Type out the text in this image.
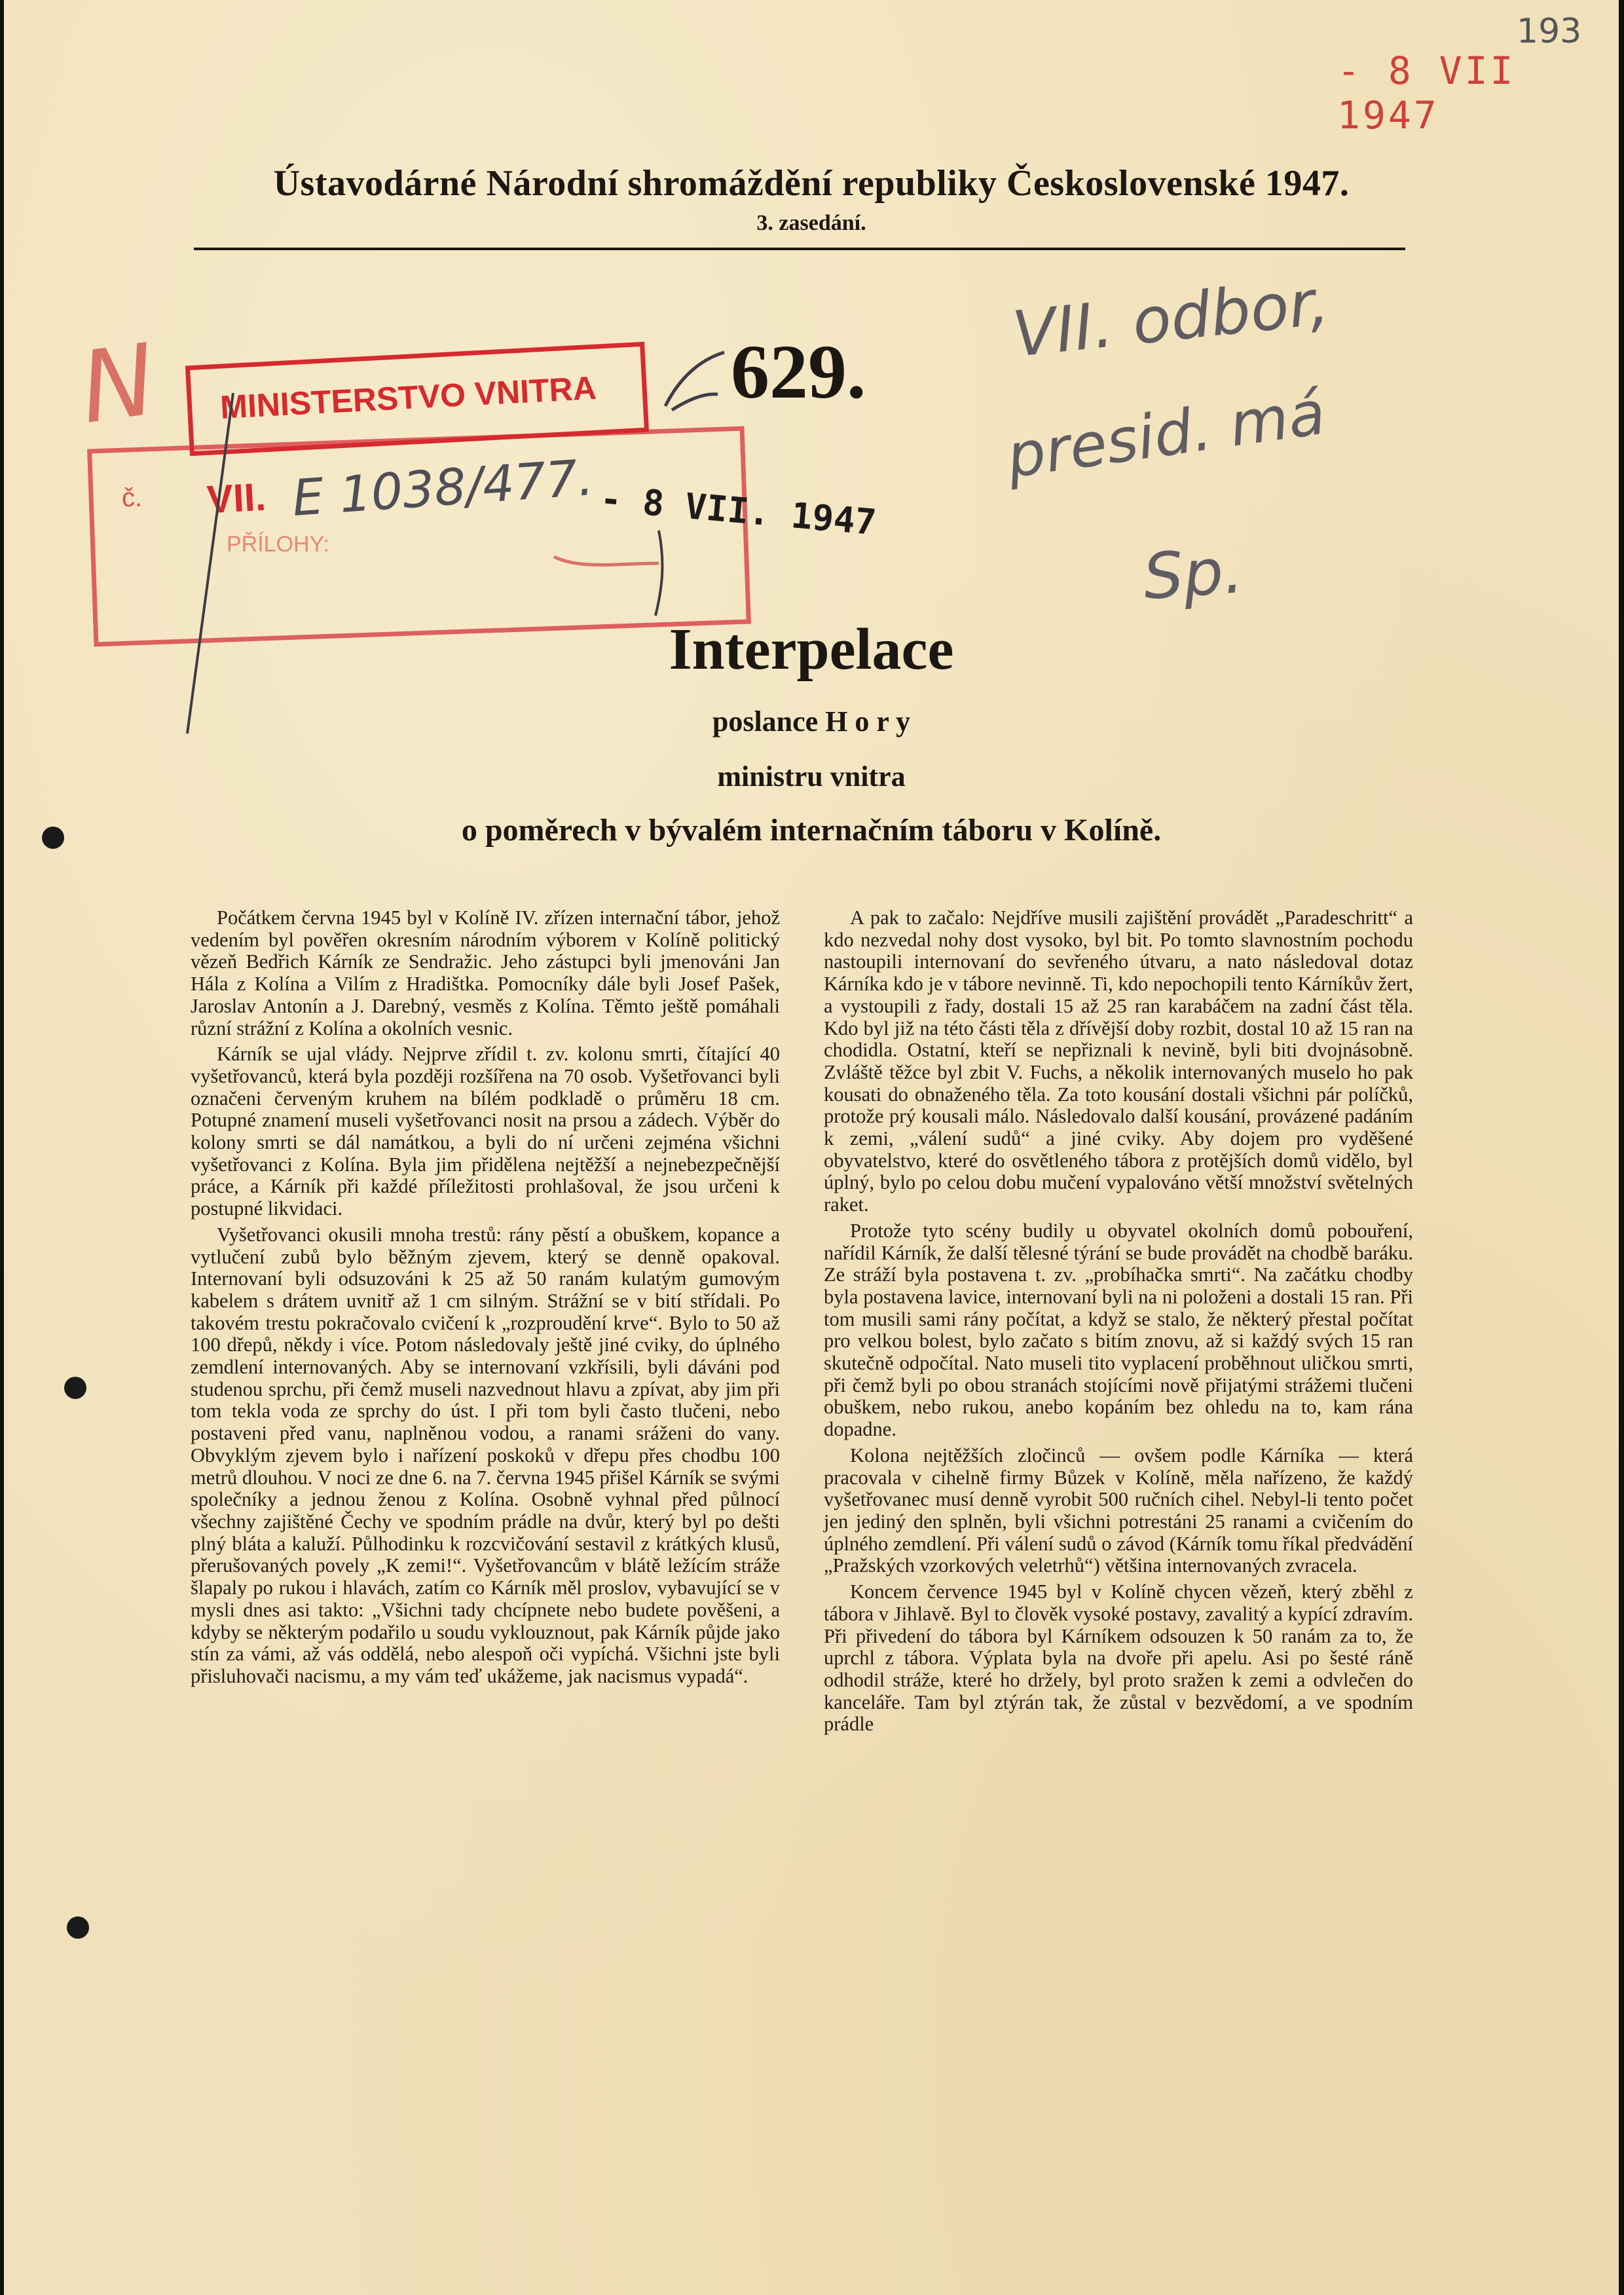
193
- 8 VII 1947
Ústavodárné Národní shromáždění republiky Československé 1947.
3. zasedání.
MINISTERSTVO VNITRA
č. VII. E 1038/477. - 8 VII. 1947
PŘÍLOHY:
629.
N
VII. odbor,
presid. má
Sp.
Interpelace
poslance H o r y
ministru vnitra
o poměrech v bývalém internačním táboru v Kolíně.

Počátkem června 1945 byl v Kolíně IV. zřízen internační tábor, jehož vedením byl pověřen okresním národním výborem v Kolíně politický vězeň Bedřich Kárník ze Sendražic. Jeho zástupci byli jmenováni Jan Hála z Kolína a Vilím z Hradištka. Pomocníky dále byli Josef Pašek, Jaroslav Antonín a J. Darebný, vesměs z Kolína. Těmto ještě pomáhali různí strážní z Kolína a okolních vesnic.

Kárník se ujal vlády. Nejprve zřídil t. zv. kolonu smrti, čítající 40 vyšetřovanců, která byla později rozšířena na 70 osob. Vyšetřovanci byli označeni červeným kruhem na bílém podkladě o průměru 18 cm. Potupné znamení museli vyšetřovanci nosit na prsou a zádech. Výběr do kolony smrti se dál namátkou, a byli do ní určeni zejména všichni vyšetřovanci z Kolína. Byla jim přidělena nejtěžší a nejnebezpečnější práce, a Kárník při každé příležitosti prohlašoval, že jsou určeni k postupné likvidaci.

Vyšetřovanci okusili mnoha trestů: rány pěstí a obuškem, kopance a vytlučení zubů bylo běžným zjevem, který se denně opakoval. Internovaní byli odsuzováni k 25 až 50 ranám kulatým gumovým kabelem s drátem uvnitř až 1 cm silným. Strážní se v bití střídali. Po takovém trestu pokračovalo cvičení k „rozproudění krve“. Bylo to 50 až 100 dřepů, někdy i více. Potom následovaly ještě jiné cviky, do úplného zemdlení internovaných. Aby se internovaní vzkřísili, byli dáváni pod studenou sprchu, při čemž museli nazvednout hlavu a zpívat, aby jim při tom tekla voda ze sprchy do úst. I při tom byli často tlučeni, nebo postaveni před vanu, naplněnou vodou, a ranami sráženi do vany. Obvyklým zjevem bylo i nařízení poskoků v dřepu přes chodbu 100 metrů dlouhou. V noci ze dne 6. na 7. června 1945 přišel Kárník se svými společníky a jednou ženou z Kolína. Osobně vyhnal před půlnocí všechny zajištěné Čechy ve spodním prádle na dvůr, který byl po dešti plný bláta a kaluží. Půlhodinku k rozcvičování sestavil z krátkých klusů, přerušovaných povely „K zemi!“. Vyšetřovancům v blátě ležícím stráže šlapaly po rukou i hlavách, zatím co Kárník měl proslov, vybavující se v mysli dnes asi takto: „Všichni tady chcípnete nebo budete pověšeni, a kdyby se některým podařilo u soudu vyklouznout, pak Kárník půjde jako stín za vámi, až vás oddělá, nebo alespoň oči vypíchá. Všichni jste byli přisluhovači nacismu, a my vám teď ukážeme, jak nacismus vypadá“.

A pak to začalo: Nejdříve musili zajištění provádět „Paradeschritt“ a kdo nezvedal nohy dost vysoko, byl bit. Po tomto slavnostním pochodu nastoupili internovaní do sevřeného útvaru, a nato následoval dotaz Kárníka kdo je v tábore nevinně. Ti, kdo nepochopili tento Kárníkův žert, a vystoupili z řady, dostali 15 až 25 ran karabáčem na zadní část těla. Kdo byl již na této části těla z dřívější doby rozbit, dostal 10 až 15 ran na chodidla. Ostatní, kteří se nepřiznali k nevině, byli biti dvojnásobně. Zvláště těžce byl zbit V. Fuchs, a několik internovaných muselo ho pak kousati do obnaženého těla. Za toto kousání dostali všichni pár políčků, protože prý kousali málo. Následovalo další kousání, provázené padáním k zemi, „válení sudů“ a jiné cviky. Aby dojem pro vyděšené obyvatelstvo, které do osvětleného tábora z protějších domů vidělo, byl úplný, bylo po celou dobu mučení vypalováno větší množství světelných raket.

Protože tyto scény budily u obyvatel okolních domů pobouření, nařídil Kárník, že další tělesné týrání se bude provádět na chodbě baráku. Ze stráží byla postavena t. zv. „probíhačka smrti“. Na začátku chodby byla postavena lavice, internovaní byli na ni položeni a dostali 15 ran. Při tom musili sami rány počítat, a když se stalo, že některý přestal počítat pro velkou bolest, bylo začato s bitím znovu, až si každý svých 15 ran skutečně odpočítal. Nato museli tito vyplacení proběhnout uličkou smrti, při čemž byli po obou stranách stojícími nově přijatými strážemi tlučeni obuškem, nebo rukou, anebo kopáním bez ohledu na to, kam rána dopadne.

Kolona nejtěžších zločinců — ovšem podle Kárníka — která pracovala v cihelně firmy Bůzek v Kolíně, měla nařízeno, že každý vyšetřovanec musí denně vyrobit 500 ručních cihel. Nebyl-li tento počet jen jediný den splněn, byli všichni potrestáni 25 ranami a cvičením do úplného zemdlení. Při válení sudů o závod (Kárník tomu říkal předvádění „Pražských vzorkových veletrhů“) většina internovaných zvracela.

Koncem července 1945 byl v Kolíně chycen vězeň, který zběhl z tábora v Jihlavě. Byl to člověk vysoké postavy, zavalitý a kypící zdravím. Při přivedení do tábora byl Kárníkem odsouzen k 50 ranám za to, že uprchl z tábora. Výplata byla na dvoře při apelu. Asi po šesté ráně odhodil stráže, které ho držely, byl proto sražen k zemi a odvlečen do kanceláře. Tam byl ztýrán tak, že zůstal v bezvědomí, a ve spodním prádle
